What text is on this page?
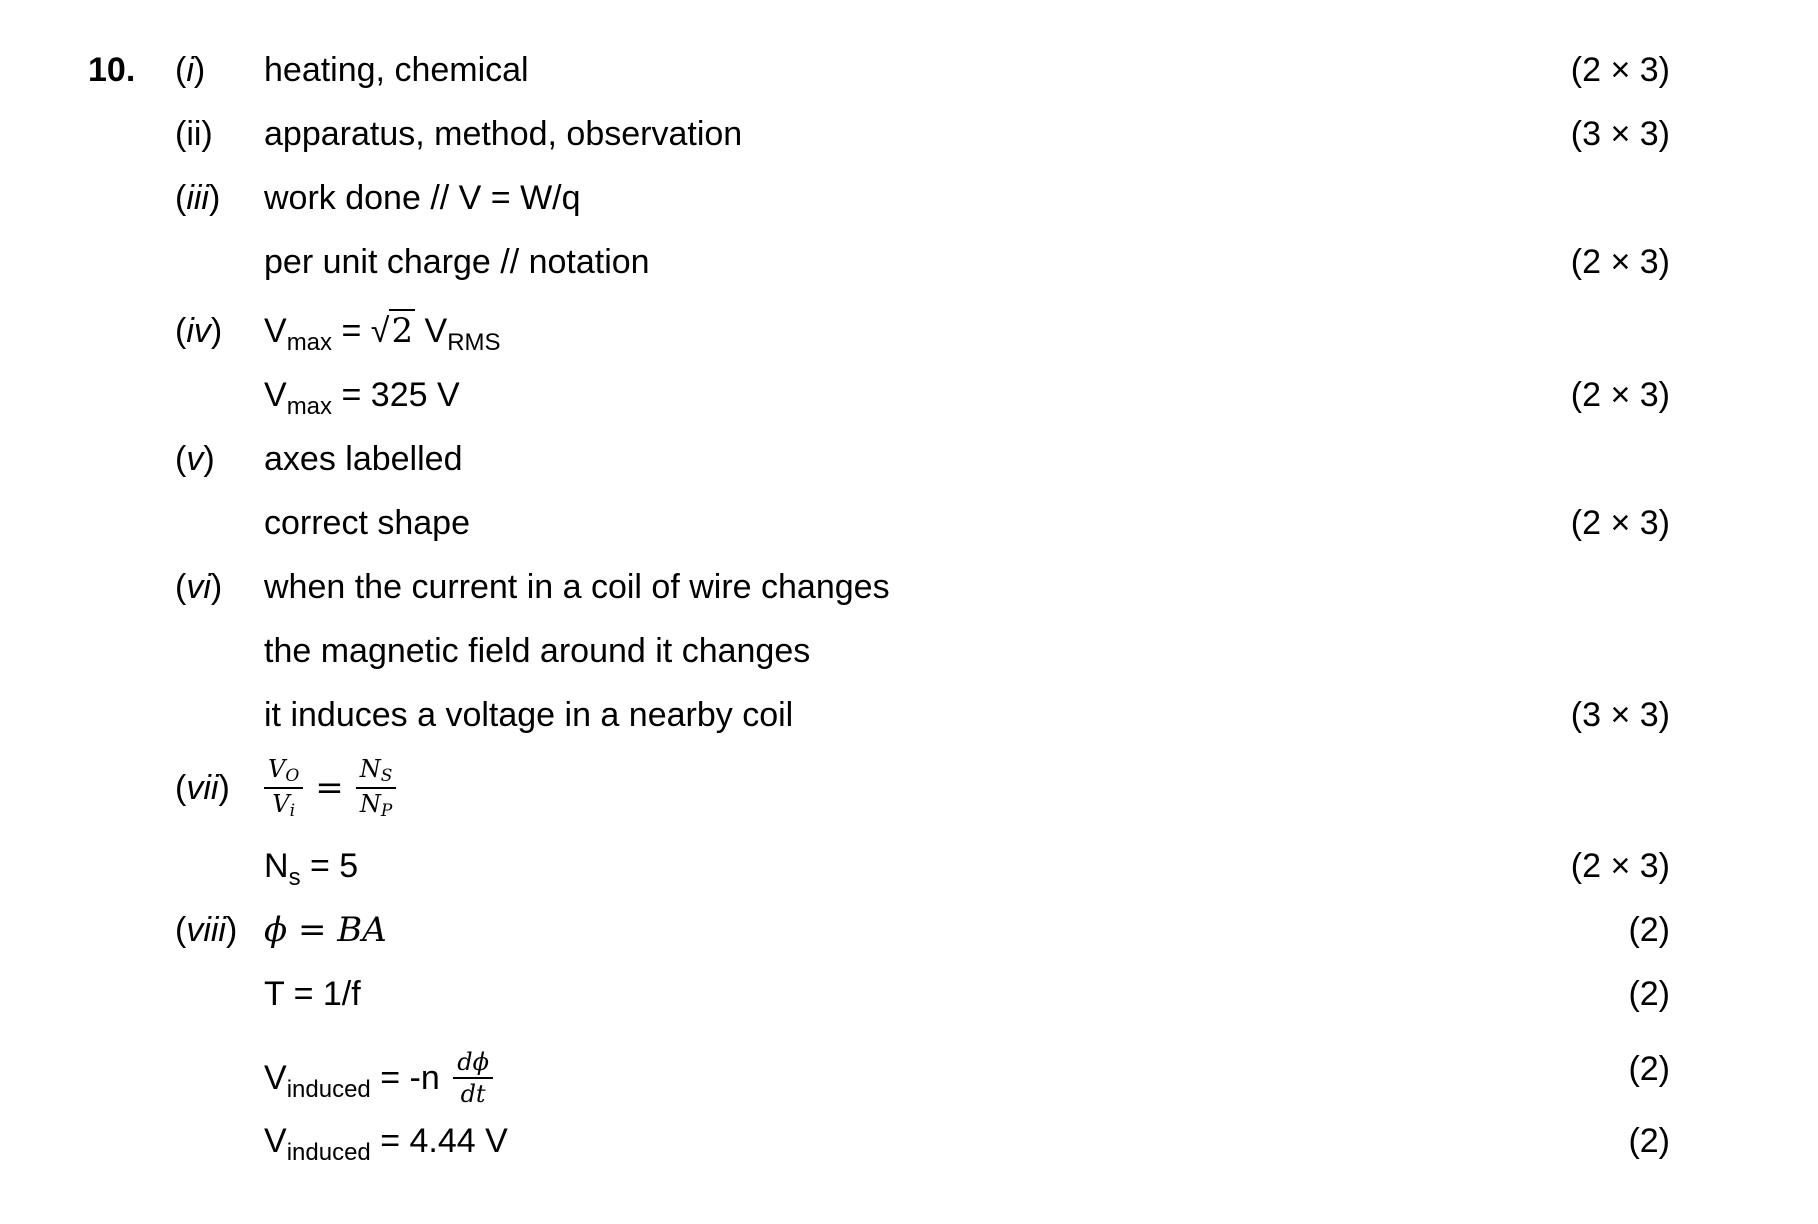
10. (i) heating, chemical	(2 × 3)
(ii) apparatus, method, observation	(3 × 3)
(iii) work done // V = W/q
per unit charge // notation	(2 × 3)
(iv) $V_{max} = √2$ $V_{RMS}$
$V_{max} = 325$ V	(2 × 3)
(v) axes labelled
correct shape	(2 × 3)
(vi) when the current in a coil of wire changes
the magnetic field around it changes
it induces a voltage in a nearby coil	(3 × 3)
$(vii) \frac{VO}{Vi} = \frac{NS}{NP}$
$N_s = 5$	(2 × 3)
(viii) ϕ = BA	(2)
T = 1/f	(2)
$V_{induced} = -n \frac{d\phi}{dt}$	(2)
$V_{induced} = 4.44$ V	(2)
